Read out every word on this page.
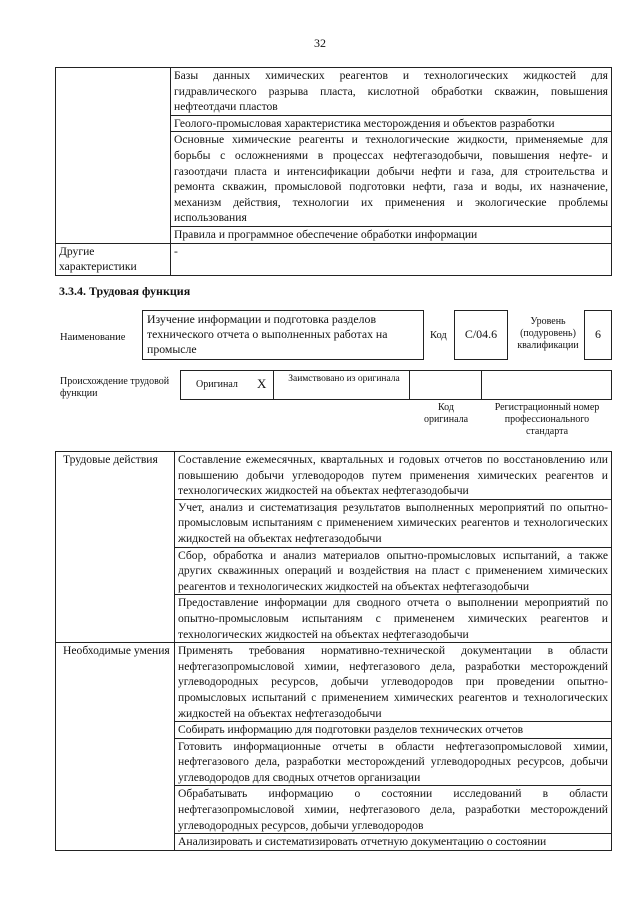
32
	Базы данных химических реагентов и технологических жидкостей для гидравлического разрыва пласта, кислотной обработки скважин, повышения нефтеотдачи пластов
	Геолого-промысловая характеристика месторождения и объектов разработки
	Основные химические реагенты и технологические жидкости, применяемые для борьбы с осложнениями в процессах нефтегазодобычи, повышения нефте- и газоотдачи пласта и интенсификации добычи нефти и газа, для строительства и ремонта скважин, промысловой подготовки нефти, газа и воды, их назначение, механизм действия, технологии их применения и экологические проблемы использования
	Правила и программное обеспечение обработки информации
Другие характеристики	-
3.3.4. Трудовая функция
Наименование
Изучение информации и подготовка разделов технического отчета о выполненных работах на промысле
Код	C/04.6
Уровень (подуровень) квалификации
6
Происхождение трудовой функции
Оригинал X	Заимствовано из оригинала
Код оригинала
Регистрационный номер профессионального стандарта
Трудовые действия	Составление ежемесячных, квартальных и годовых отчетов по восстановлению или повышению добычи углеводородов путем применения химических реагентов и технологических жидкостей на объектах нефтегазодобычи
	Учет, анализ и систематизация результатов выполненных мероприятий по опытно-промысловым испытаниям с применением химических реагентов и технологических жидкостей на объектах нефтегазодобычи
	Сбор, обработка и анализ материалов опытно-промысловых испытаний, а также других скважинных операций и воздействия на пласт с применением химических реагентов и технологических жидкостей на объектах нефтегазодобычи
	Предоставление информации для сводного отчета о выполнении мероприятий по опытно-промысловым испытаниям с примененем химических реагентов и технологических жидкостей на объектах нефтегазодобычи
Необходимые умения	Применять требования нормативно-технической документации в области нефтегазопромысловой химии, нефтегазового дела, разработки месторождений углеводородных ресурсов, добычи углеводородов при проведении опытно-промысловых испытаний с применением химических реагентов и технологических жидкостей на объектах нефтегазодобычи
	Собирать информацию для подготовки разделов технических отчетов
	Готовить информационные отчеты в области нефтегазопромысловой химии, нефтегазового дела, разработки месторождений углеводородных ресурсов, добычи углеводородов для сводных отчетов организации
	Обрабатывать информацию о состоянии исследований в области нефтегазопромысловой химии, нефтегазового дела, разработки месторождений углеводородных ресурсов, добычи углеводородов
	Анализировать и систематизировать отчетную документацию о состоянии
